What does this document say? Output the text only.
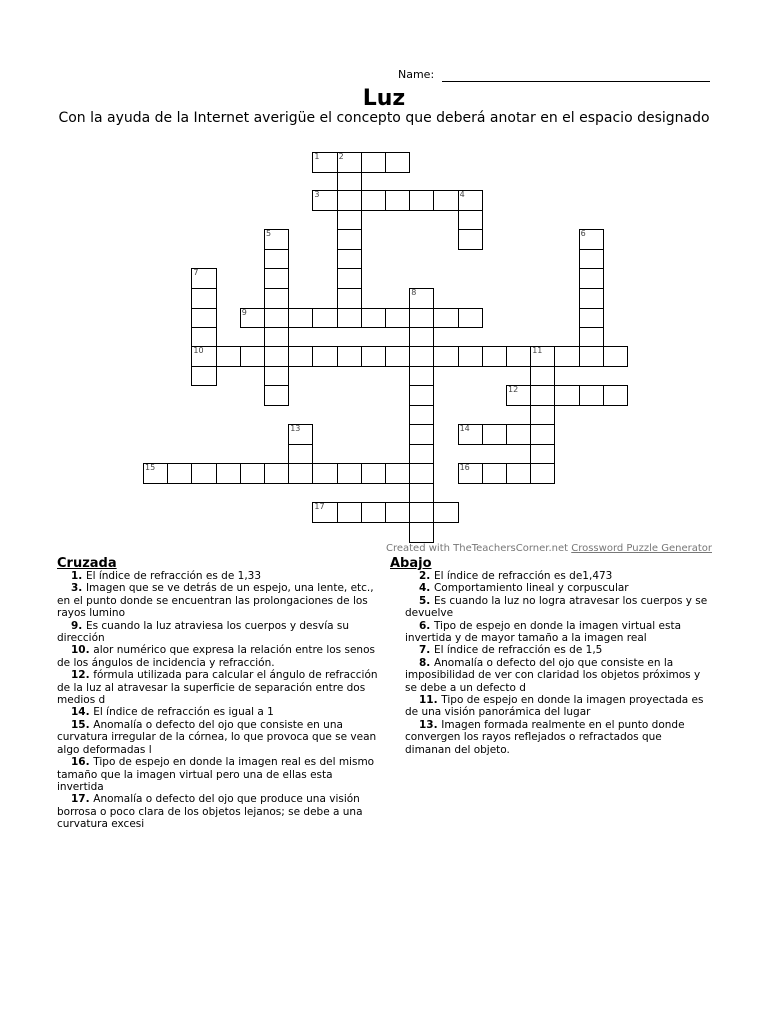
Name:
Luz
Con la ayuda de la Internet averigüe el concepto que deberá anotar en el espacio designado
1 2
3	4
5	6
7
10
8
9
11
12
13	14
15	16
17
Created with TheTeachersCorner.net Crossword Puzzle Generator
Cruzada	Abajo
1. El índice de refracción es de 1,33
3. Imagen que se ve detrás de un espejo, una lente, etc., en el punto donde se encuentran las prolongaciones de los rayos lumino
9. Es cuando la luz atraviesa los cuerpos y desvía su dirección
10. alor numérico que expresa la relación entre los senos de los ángulos de incidencia y refracción.
12. fórmula utilizada para calcular el ángulo de refracción de la luz al atravesar la superficie de separación entre dos medios d
14. El índice de refracción es igual a 1
15. Anomalía o defecto del ojo que consiste en una curvatura irregular de la córnea, lo que provoca que se vean algo deformadas l
16. Tipo de espejo en donde la imagen real es del mismo tamaño que la imagen virtual pero una de ellas esta invertida
17. Anomalía o defecto del ojo que produce una visión borrosa o poco clara de los objetos lejanos; se debe a una curvatura excesi
2. El índice de refracción es de1,473
4. Comportamiento lineal y corpuscular
5. Es cuando la luz no logra atravesar los cuerpos y se devuelve
6. Tipo de espejo en donde la imagen virtual esta invertida y de mayor tamaño a la imagen real
7. El índice de refracción es de 1,5
8. Anomalía o defecto del ojo que consiste en la imposibilidad de ver con claridad los objetos próximos y se debe a un defecto d
11. Tipo de espejo en donde la imagen proyectada es de una visión panorámica del lugar
13. Imagen formada realmente en el punto donde convergen los rayos reflejados o refractados que dimanan del objeto.
